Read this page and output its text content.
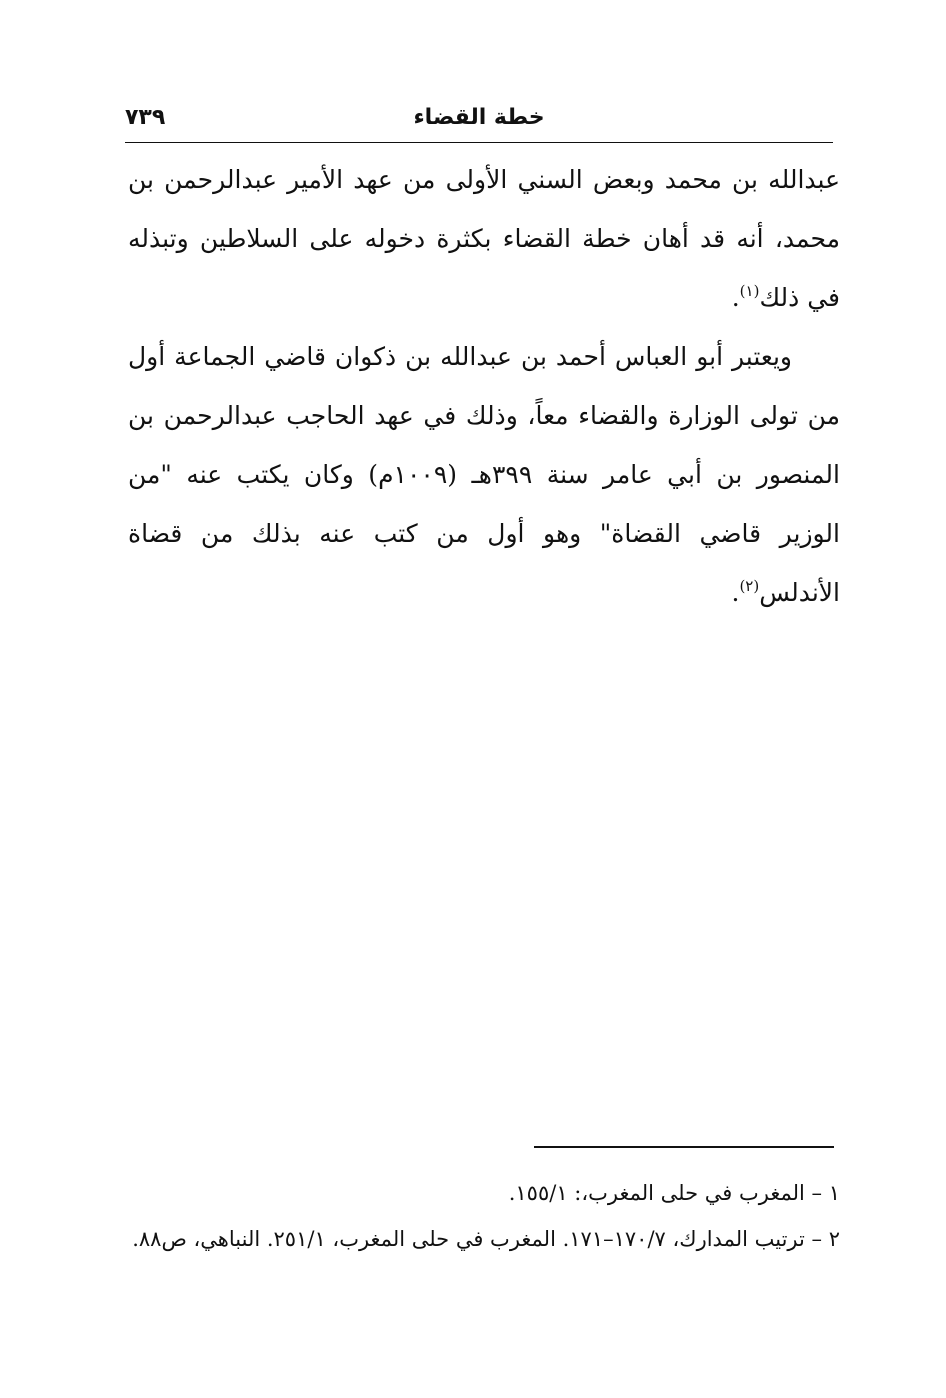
٧٣٩	خطة القضاء

عبدالله بن محمد وبعض السني الأولى من عهد الأمير عبدالرحمن بن محمد، أنه قد أهان خطة القضاء بكثرة دخوله على السلاطين وتبذله في ذلك$^{(١)}$.

ويعتبر أبو العباس أحمد بن عبدالله بن ذكوان قاضي الجماعة أول من تولى الوزارة والقضاء معاً، وذلك في عهد الحاجب عبدالرحمن بن المنصور بن أبي عامر سنة ٣٩٩هـ (١٠٠٩م) وكان يكتب عنه "من الوزير قاضي القضاة" وهو أول من كتب عنه بذلك من قضاة الأندلس$^{(٢)}$.

١ – المغرب في حلى المغرب،: ١٥٥/١.

٢ – ترتيب المدارك، ١٧٠/٧–١٧١. المغرب في حلى المغرب، ٢٥١/١. النباهي، ص٨٨.
